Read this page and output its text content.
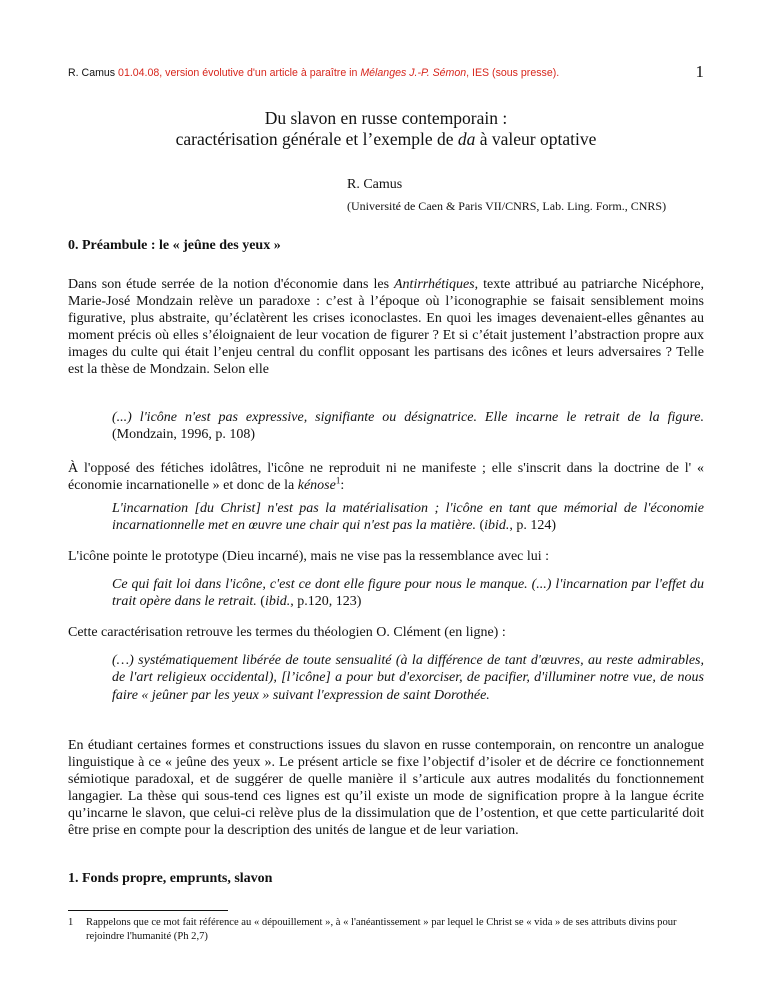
R. Camus 01.04.08, version évolutive d'un article à paraître in Mélanges J.-P. Sémon, IES (sous presse).	1
Du slavon en russe contemporain :
caractérisation générale et l’exemple de da à valeur optative
R. Camus
(Université de Caen & Paris VII/CNRS, Lab. Ling. Form., CNRS)
0. Préambule : le « jeûne des yeux »
Dans son étude serrée de la notion d'économie dans les Antirrhétiques, texte attribué au patriarche Nicéphore, Marie-José Mondzain relève un paradoxe : c’est à l’époque où l’iconographie se faisait sensiblement moins figurative, plus abstraite, qu’éclatèrent les crises iconoclastes. En quoi les images devenaient-elles gênantes au moment précis où elles s’éloignaient de leur vocation de figurer ? Et si c’était justement l’abstraction propre aux images du culte qui était l’enjeu central du conflit opposant les partisans des icônes et leurs adversaires ? Telle est la thèse de Mondzain. Selon elle
(...) l'icône n'est pas expressive, signifiante ou désignatrice. Elle incarne le retrait de la figure. (Mondzain, 1996, p. 108)
À l'opposé des fétiches idolâtres, l'icône ne reproduit ni ne manifeste ; elle s'inscrit dans la doctrine de l' « économie incarnationelle » et donc de la kénose$^1$:
L'incarnation [du Christ] n'est pas la matérialisation ; l'icône en tant que mémorial de l'économie incarnationnelle met en œuvre une chair qui n'est pas la matière. (ibid., p. 124)
L'icône pointe le prototype (Dieu incarné), mais ne vise pas la ressemblance avec lui :
Ce qui fait loi dans l'icône, c'est ce dont elle figure pour nous le manque. (...) l'incarnation par l'effet du trait opère dans le retrait. (ibid., p.120, 123)
Cette caractérisation retrouve les termes du théologien O. Clément (en ligne) :
(…) systématiquement libérée de toute sensualité (à la différence de tant d'œuvres, au reste admirables, de l'art religieux occidental), [l’icône] a pour but d'exorciser, de pacifier, d'illuminer notre vue, de nous faire « jeûner par les yeux » suivant l'expression de saint Dorothée.
En étudiant certaines formes et constructions issues du slavon en russe contemporain, on rencontre un analogue linguistique à ce « jeûne des yeux ». Le présent article se fixe l’objectif d’isoler et de décrire ce fonctionnement sémiotique paradoxal, et de suggérer de quelle manière il s’articule aux autres modalités du fonctionnement langagier. La thèse qui sous-tend ces lignes est qu’il existe un mode de signification propre à la langue écrite qu’incarne le slavon, que celui-ci relève plus de la dissimulation que de l’ostention, et que cette particularité doit être prise en compte pour la description des unités de langue et de leur variation.
1. Fonds propre, emprunts, slavon
1 Rappelons que ce mot fait référence au « dépouillement », à « l'anéantissement » par lequel le Christ se « vida » de ses attributs divins pour rejoindre l'humanité (Ph 2,7)
